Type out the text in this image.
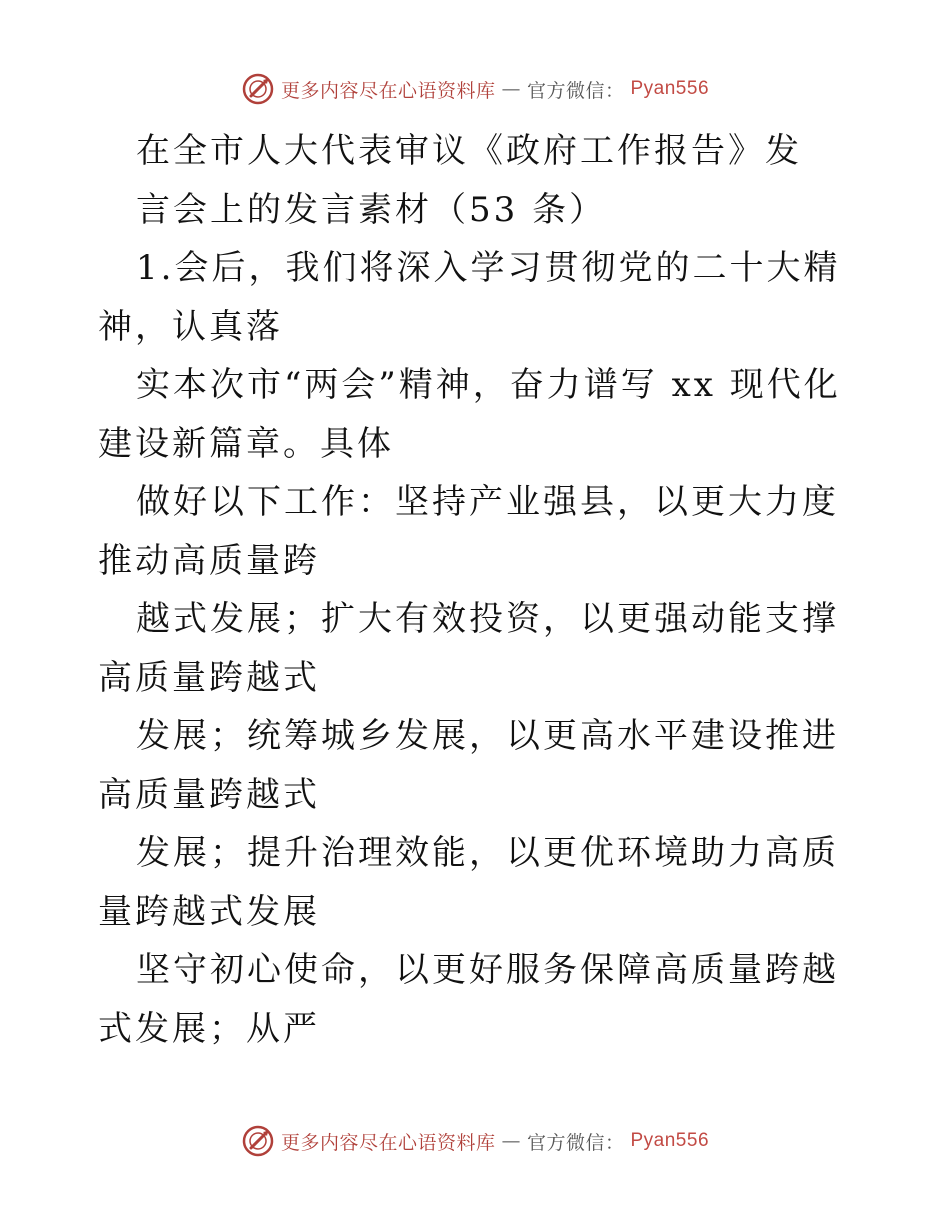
更多内容尽在心语资料库 — 官方微信： Pyan556

在全市人大代表审议《政府工作报告》发

言会上的发言素材（53 条）

1.会后，我们将深入学习贯彻党的二十大精神，认真落

实本次市“两会”精神，奋力谱写 xx 现代化建设新篇章。具体

做好以下工作：坚持产业强县，以更大力度推动高质量跨

越式发展；扩大有效投资，以更强动能支撑高质量跨越式

发展；统筹城乡发展，以更高水平建设推进高质量跨越式

发展；提升治理效能，以更优环境助力高质量跨越式发展

坚守初心使命，以更好服务保障高质量跨越式发展；从严

更多内容尽在心语资料库 — 官方微信： Pyan556
